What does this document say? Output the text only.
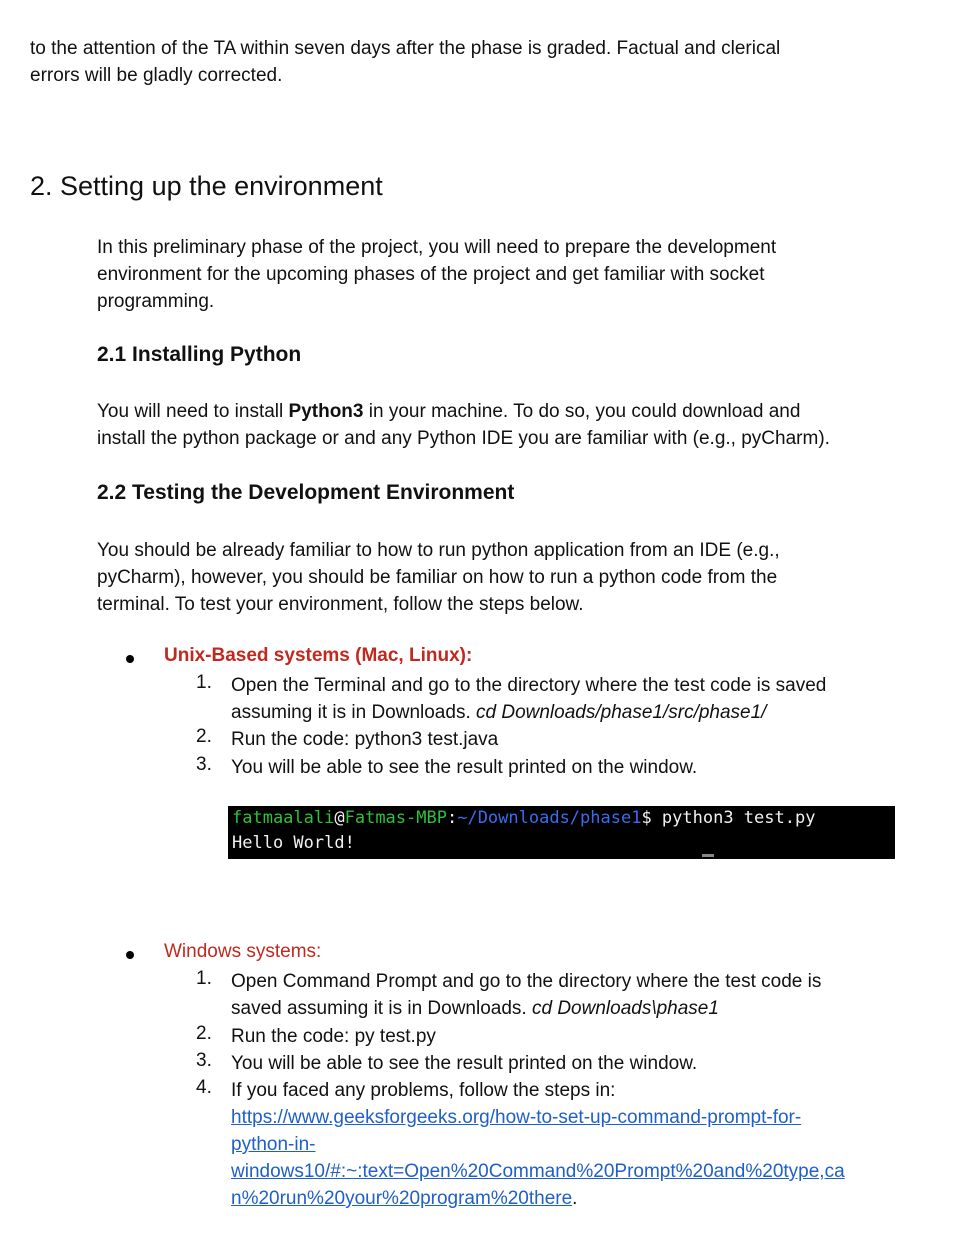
to the attention of the TA within seven days after the phase is graded. Factual and clerical
errors will be gladly corrected.
2. Setting up the environment
In this preliminary phase of the project, you will need to prepare the development
environment for the upcoming phases of the project and get familiar with socket
programming.
2.1 Installing Python
You will need to install Python3 in your machine. To do so, you could download and
install the python package or and any Python IDE you are familiar with (e.g., pyCharm).
2.2 Testing the Development Environment
You should be already familiar to how to run python application from an IDE (e.g.,
pyCharm), however, you should be familiar on how to run a python code from the
terminal. To test your environment, follow the steps below.
Unix-Based systems (Mac, Linux):
1.	Open the Terminal and go to the directory where the test code is saved
assuming it is in Downloads. cd Downloads/phase1/src/phase1/
2.	Run the code: python3 test.java
3.	You will be able to see the result printed on the window.
fatmaalali@Fatmas-MBP:~/Downloads/phase1$ python3 test.py
Hello World!
Windows systems:
1.	Open Command Prompt and go to the directory where the test code is
saved assuming it is in Downloads. cd Downloads\phase1
2.	Run the code: py test.py
3.	You will be able to see the result printed on the window.
4.	If you faced any problems, follow the steps in:
https://www.geeksforgeeks.org/how-to-set-up-command-prompt-for-
python-in-
windows10/#:~:text=Open%20Command%20Prompt%20and%20type,ca
n%20run%20your%20program%20there.
